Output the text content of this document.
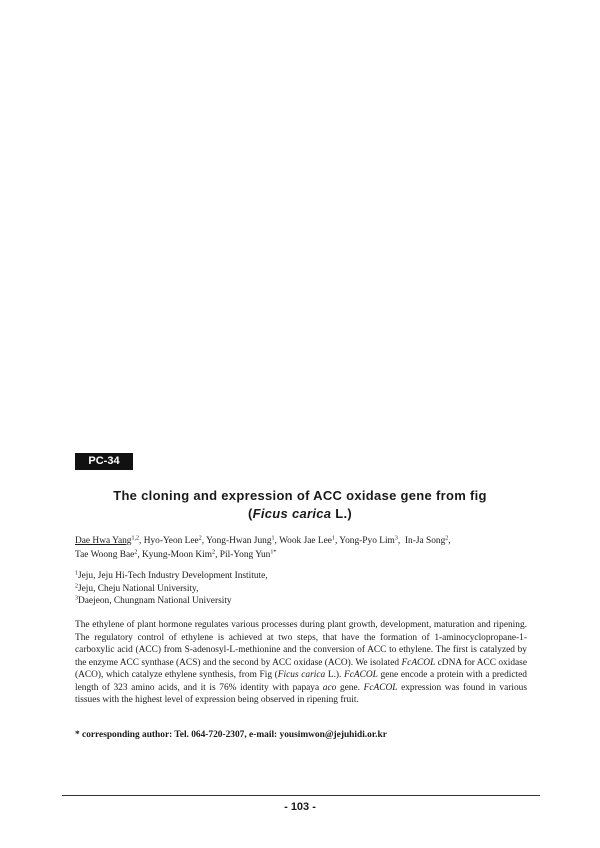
PC-34
The cloning and expression of ACC oxidase gene from fig
(Ficus carica L.)
Dae Hwa Yang$^{1,2}$, Hyo-Yeon Lee$^2$, Yong-Hwan Jung$^1$, Wook Jae Lee$^1$, Yong-Pyo Lim$^3$,  In-Ja Song$^2$,
Tae Woong Bae$^2$, Kyung-Moon Kim$^2$, Pil-Yong Yun$^{1*}$
$^1$Jeju, Jeju Hi-Tech Industry Development Institute,
$^2$Jeju, Cheju National University,
$^3$Daejeon, Chungnam National University
The ethylene of plant hormone regulates various processes during plant growth, development, maturation and ripening. The regulatory control of ethylene is achieved at two steps, that have the formation of 1-aminocyclopropane-1-carboxylic acid (ACC) from S-adenosyl-L-methionine and the conversion of ACC to ethylene. The first is catalyzed by the enzyme ACC synthase (ACS) and the second by ACC oxidase (ACO). We isolated FcACOL cDNA for ACC oxidase (ACO), which catalyze ethylene synthesis, from Fig (Ficus carica L.). FcACOL gene encode a protein with a predicted length of 323 amino acids, and it is 76% identity with papaya aco gene. FcACOL expression was found in various tissues with the highest level of expression being observed in ripening fruit.
* corresponding author: Tel. 064-720-2307, e-mail: yousimwon@jejuhidi.or.kr
- 103 -
